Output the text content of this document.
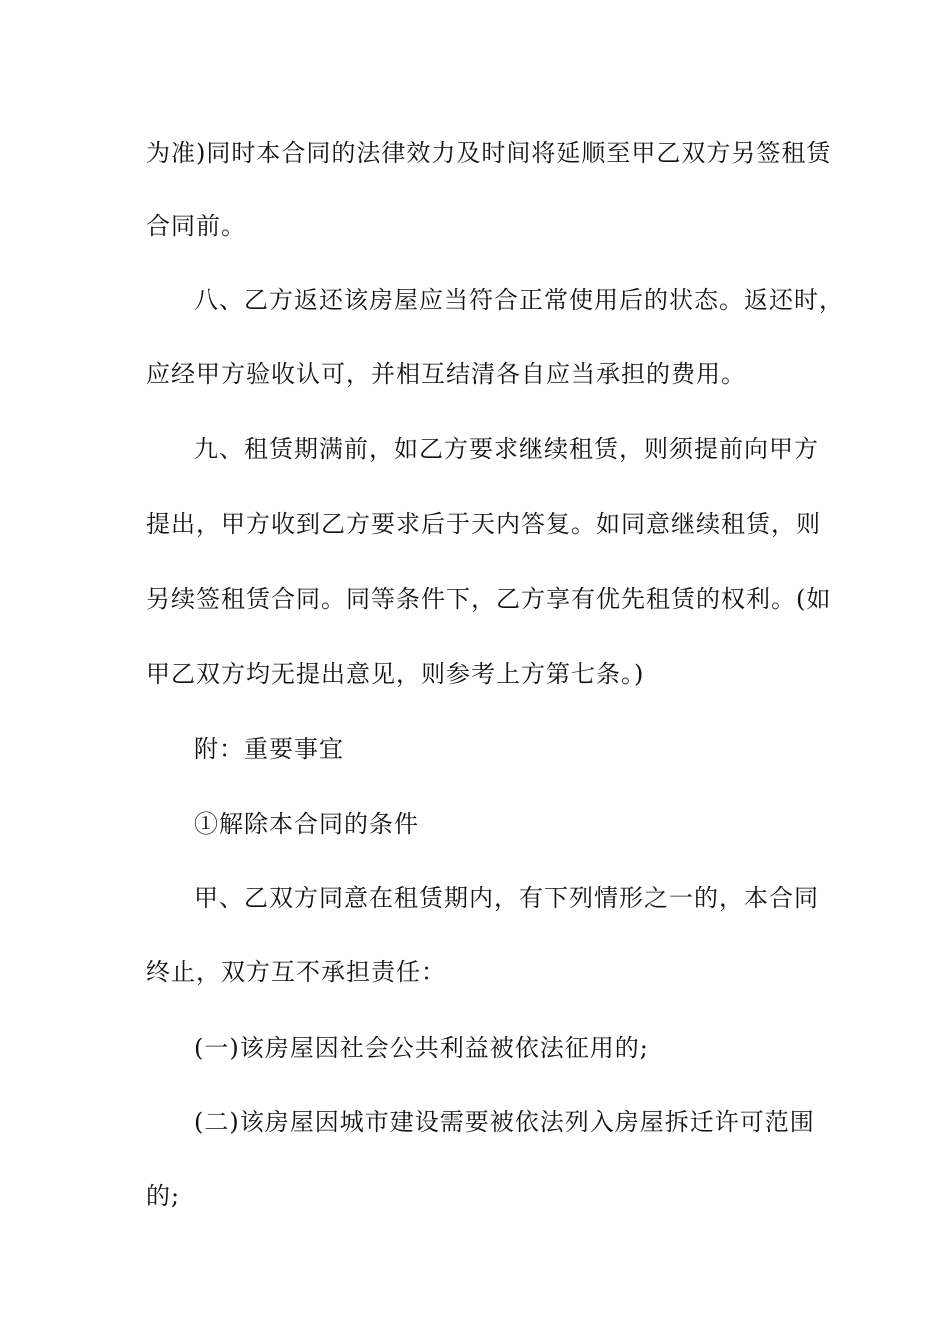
为准)同时本合同的法律效力及时间将延顺至甲乙双方另签租赁
合同前。
八、乙方返还该房屋应当符合正常使用后的状态。返还时，
应经甲方验收认可，并相互结清各自应当承担的费用。
九、租赁期满前，如乙方要求继续租赁，则须提前向甲方
提出，甲方收到乙方要求后于天内答复。如同意继续租赁，则
另续签租赁合同。同等条件下，乙方享有优先租赁的权利。(如
甲乙双方均无提出意见，则参考上方第七条。)
附：重要事宜
①解除本合同的条件
甲、乙双方同意在租赁期内，有下列情形之一的，本合同
终止，双方互不承担责任：
(一)该房屋因社会公共利益被依法征用的;
(二)该房屋因城市建设需要被依法列入房屋拆迁许可范围
的;
